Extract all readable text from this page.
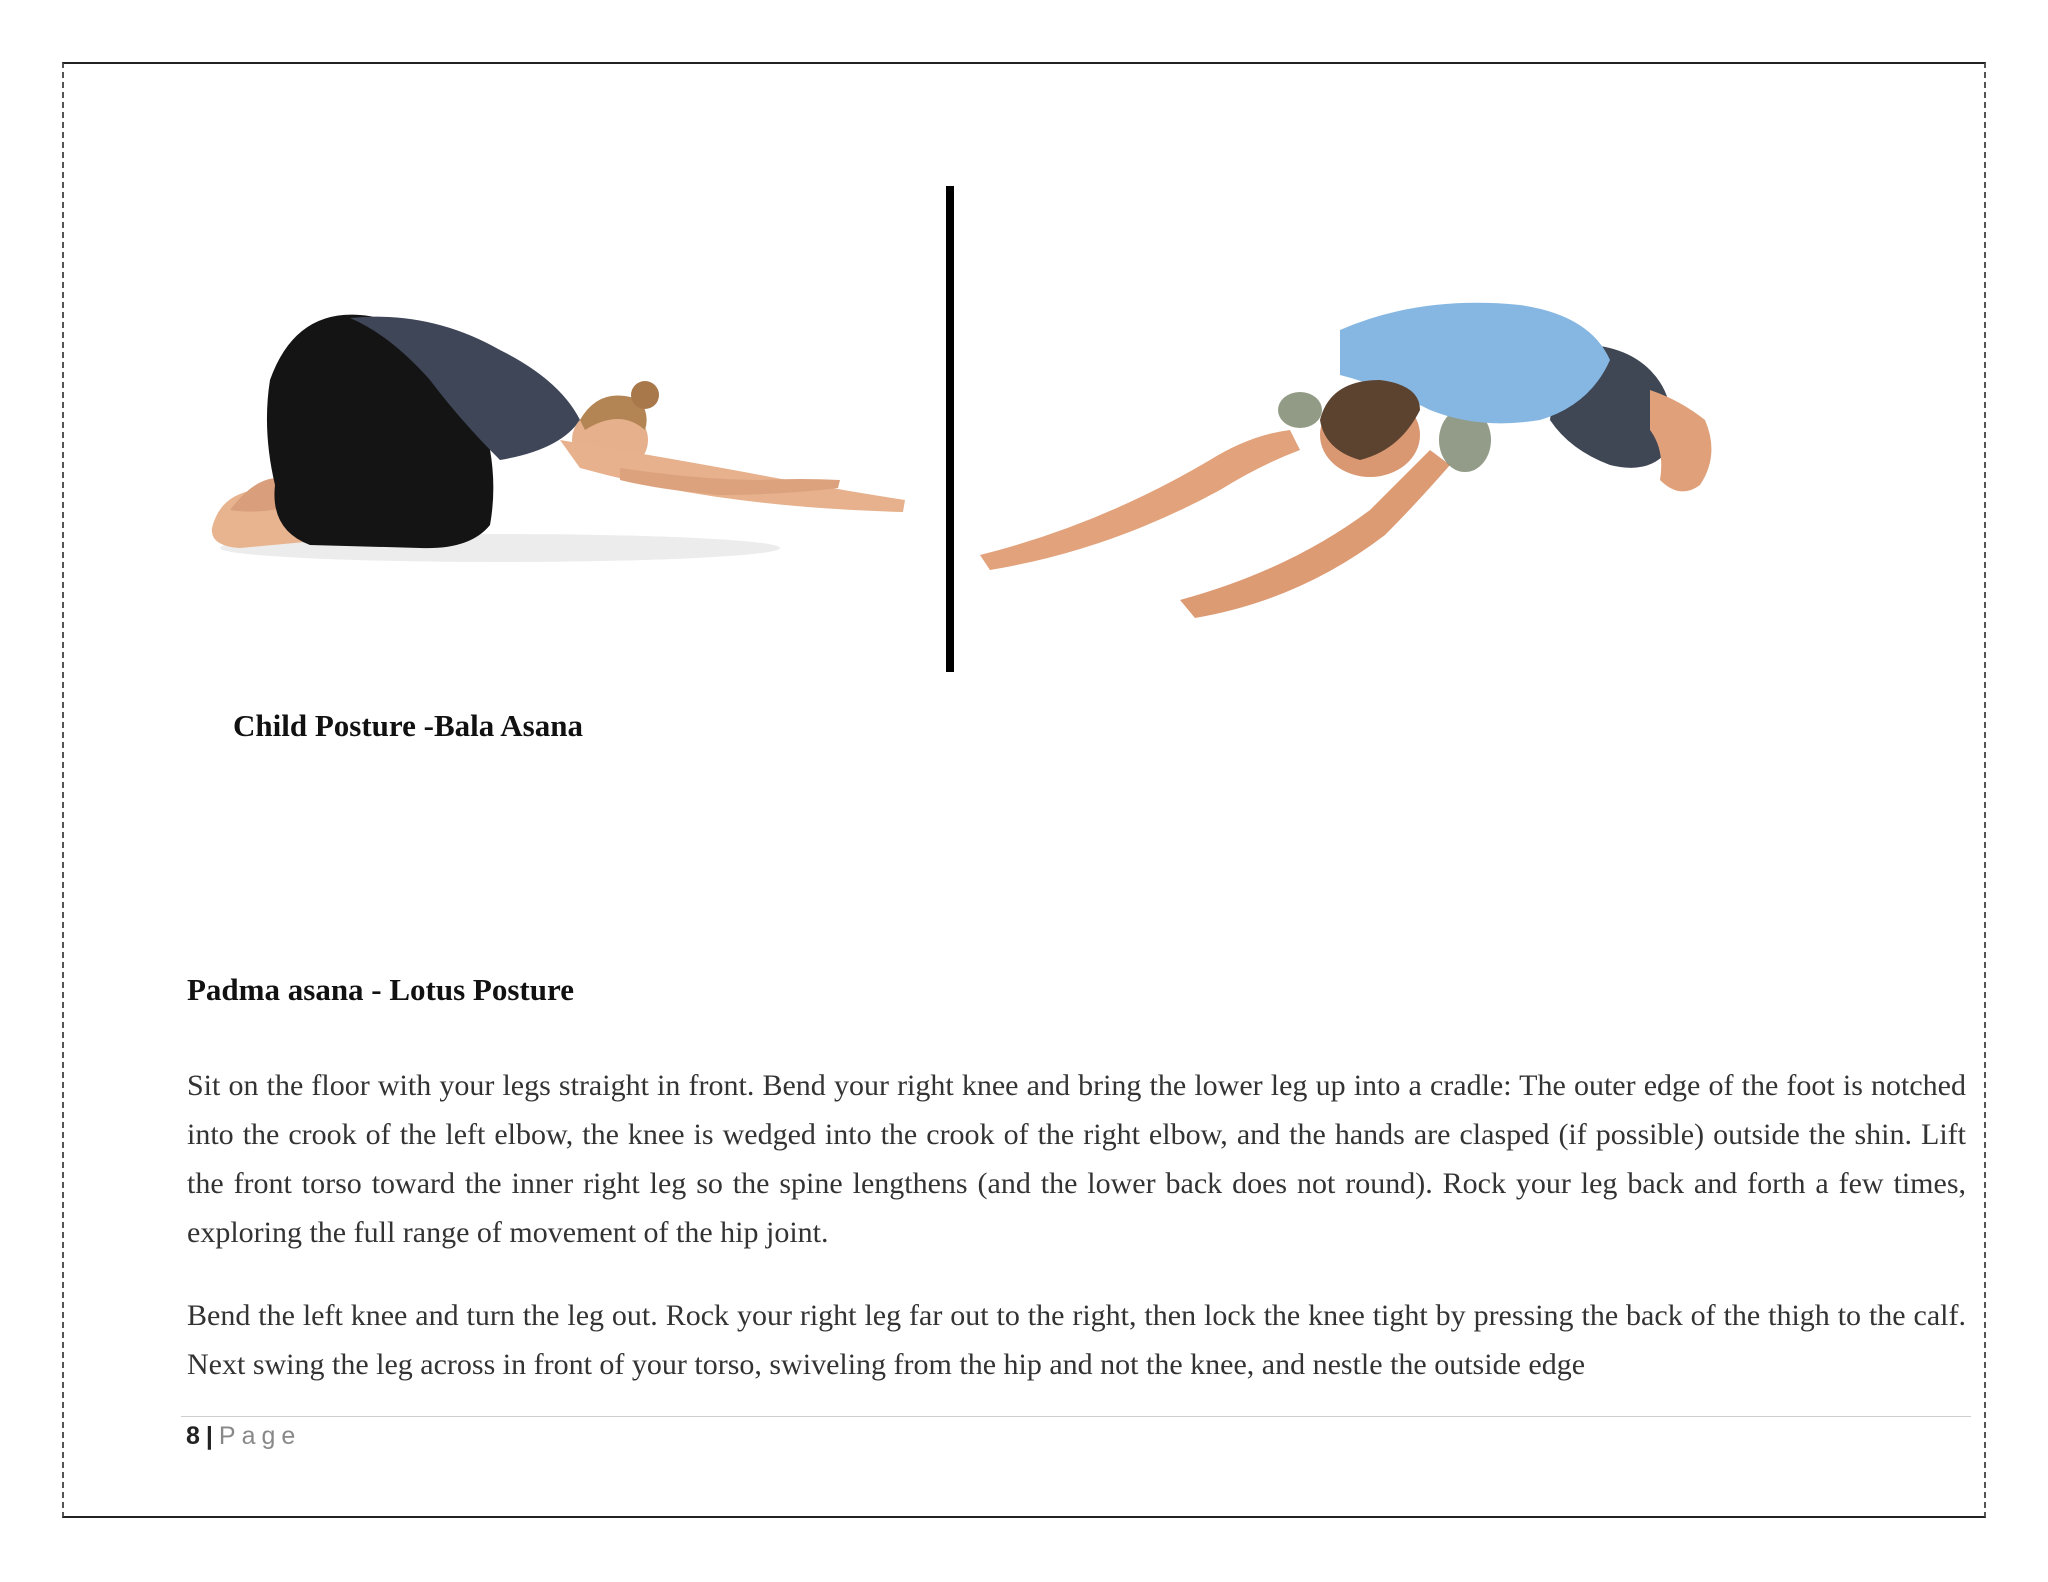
Child Posture -Bala Asana
Padma asana - Lotus Posture

Sit on the floor with your legs straight in front. Bend your right knee and bring the lower leg up into a cradle: The outer edge of the foot is notched into the crook of the left elbow, the knee is wedged into the crook of the right elbow, and the hands are clasped (if possible) outside the shin. Lift the front torso toward the inner right leg so the spine lengthens (and the lower back does not round). Rock your leg back and forth a few times, exploring the full range of movement of the hip joint.

Bend the left knee and turn the leg out. Rock your right leg far out to the right, then lock the knee tight by pressing the back of the thigh to the calf. Next swing the leg across in front of your torso, swiveling from the hip and not the knee, and nestle the outside edge

8 | Page
